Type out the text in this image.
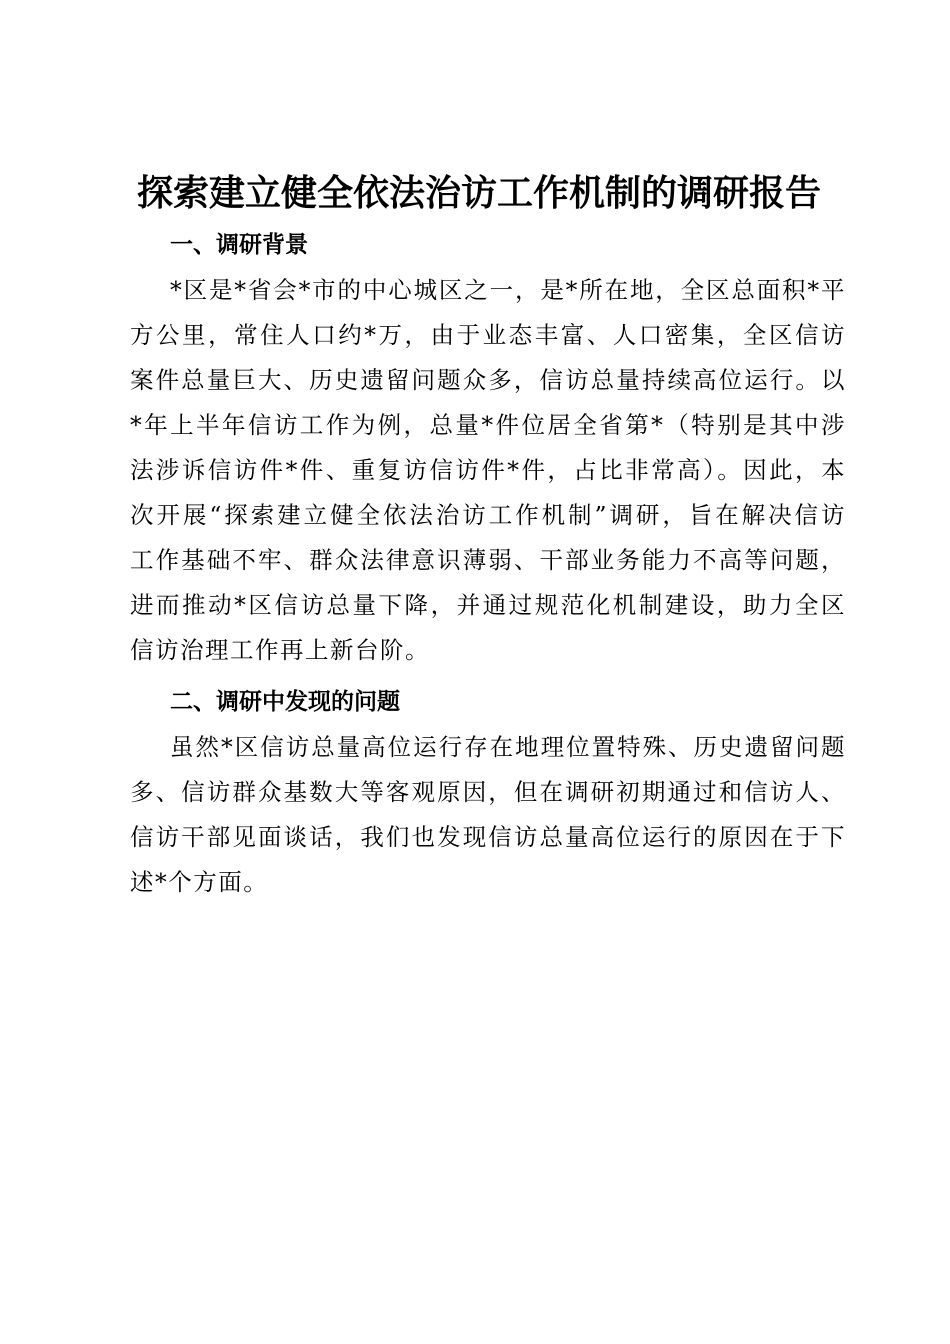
探索建立健全依法治访工作机制的调研报告
一、调研背景
*区是*省会*市的中心城区之一，是*所在地，全区总面积*平
方公里，常住人口约*万，由于业态丰富、人口密集，全区信访
案件总量巨大、历史遗留问题众多，信访总量持续高位运行。以
*年上半年信访工作为例，总量*件位居全省第*（特别是其中涉
法涉诉信访件*件、重复访信访件*件，占比非常高）。因此，本
次开展“探索建立健全依法治访工作机制”调研，旨在解决信访
工作基础不牢、群众法律意识薄弱、干部业务能力不高等问题，
进而推动*区信访总量下降，并通过规范化机制建设，助力全区
信访治理工作再上新台阶。
二、调研中发现的问题
虽然*区信访总量高位运行存在地理位置特殊、历史遗留问题
多、信访群众基数大等客观原因，但在调研初期通过和信访人、
信访干部见面谈话，我们也发现信访总量高位运行的原因在于下
述*个方面。
